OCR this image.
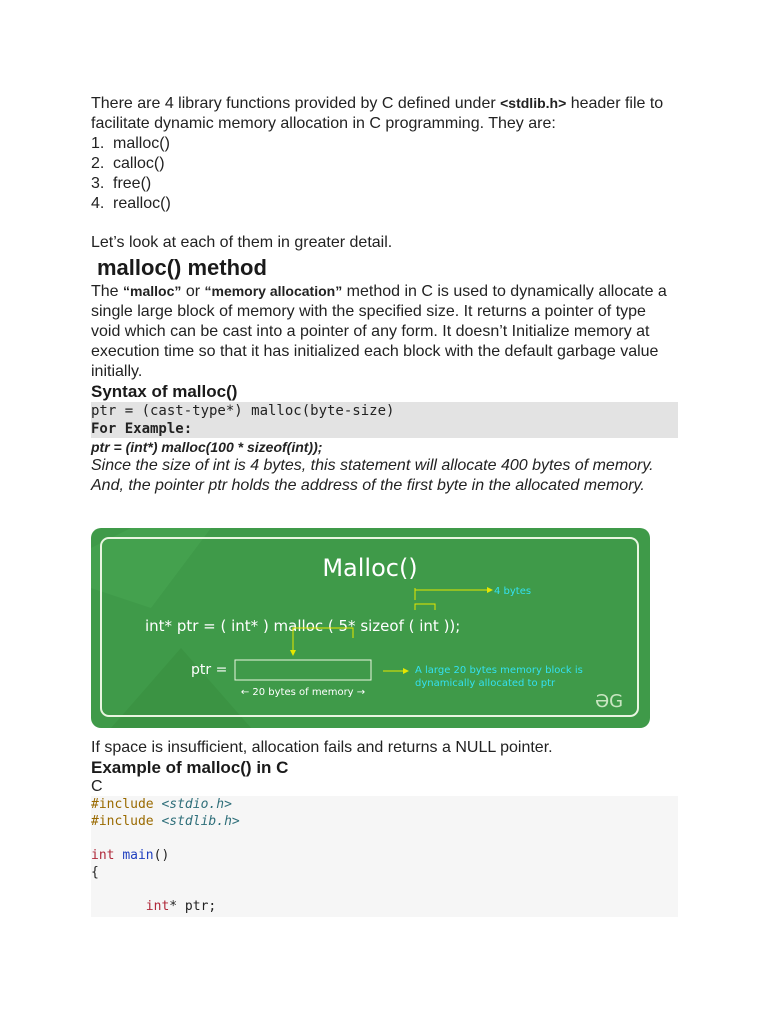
There are 4 library functions provided by C defined under <stdlib.h> header file to facilitate dynamic memory allocation in C programming. They are:

1. malloc()
2. calloc()
3. free()
4. realloc()

Let’s look at each of them in greater detail.

malloc() method

The “malloc” or “memory allocation” method in C is used to dynamically allocate a single large block of memory with the specified size. It returns a pointer of type void which can be cast into a pointer of any form. It doesn’t Initialize memory at execution time so that it has initialized each block with the default garbage value initially.

Syntax of malloc()
ptr = (cast-type*) malloc(byte-size)
For Example:
ptr = (int*) malloc(100 * sizeof(int));

Since the size of int is 4 bytes, this statement will allocate 400 bytes of memory. And, the pointer ptr holds the address of the first byte in the allocated memory.

Malloc()
int* ptr = ( int* ) malloc ( 5* sizeof ( int ));
4 bytes
ptr =
← 20 bytes of memory →
A large 20 bytes memory block is
dynamically allocated to ptr
ƏG

If space is insufficient, allocation fails and returns a NULL pointer.

Example of malloc() in C
C
#include <stdio.h>
#include <stdlib.h>

int main()
{

int* ptr;
